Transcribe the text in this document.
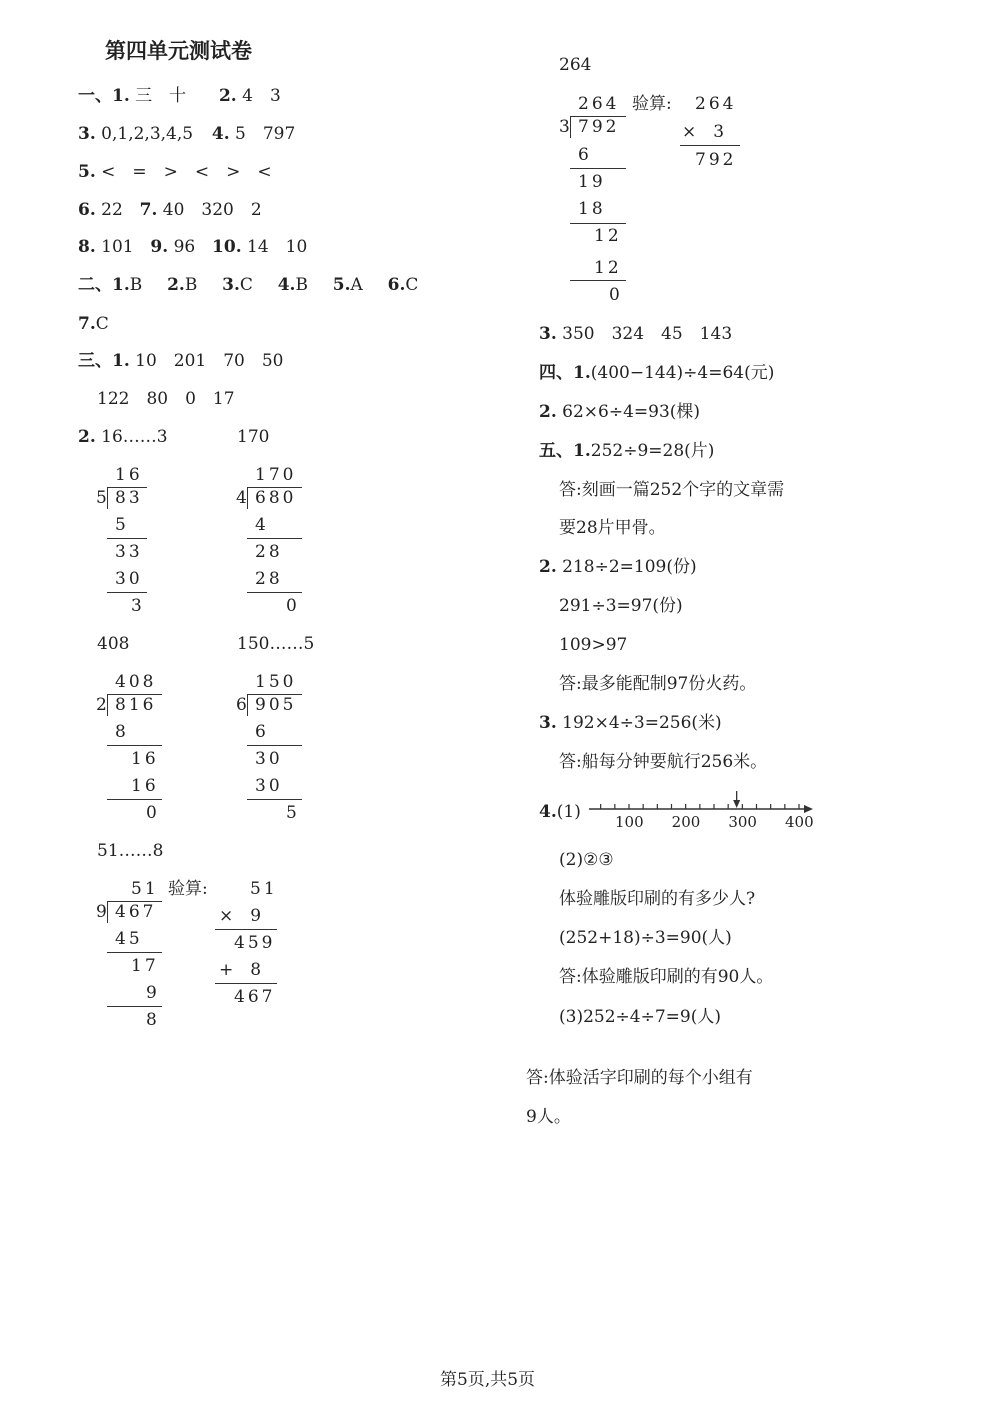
第四单元测试卷
一、1. 三　十 2. 4　3
3. 0,1,2,3,4,5 4. 5　797
5. <　=　>　<　>　<
6. 22 7. 40　320　2
8. 101 9. 96 10. 14　10
二、1.B 2.B 3.C 4.B 5.A 6.C
7.C
三、1. 10　201　70　50
122　80　0　17
2. 16……3	170
16
5 83
5
33
30
3
170
4 680
4
28
28
0
408	150……5
408
2 816
8
16
16
0
150
6 905
6
30
30
5
51……8
51
9 467
45
17
9
8
验算: 51
×　9
459
+　8
467
264
264
3 792
6
19
18
12
12
0
验算: 264
×　3
792
3. 350　324　45　143
四、1.(400−144)÷4=64(元)
2. 62×6÷4=93(棵)
五、1.252÷9=28(片)
答:刻画一篇252个字的文章需
要28片甲骨。
2. 218÷2=109(份)
291÷3=97(份)
109>97
答:最多能配制97份火药。
3. 192×4÷3=256(米)
答:船每分钟要航行256米。
4.(1) 100 200 300 400
(2)②③
体验雕版印刷的有多少人?
(252+18)÷3=90(人)
答:体验雕版印刷的有90人。
(3)252÷4÷7=9(人)
答:体验活字印刷的每个小组有
9人。
第5页,共5页
